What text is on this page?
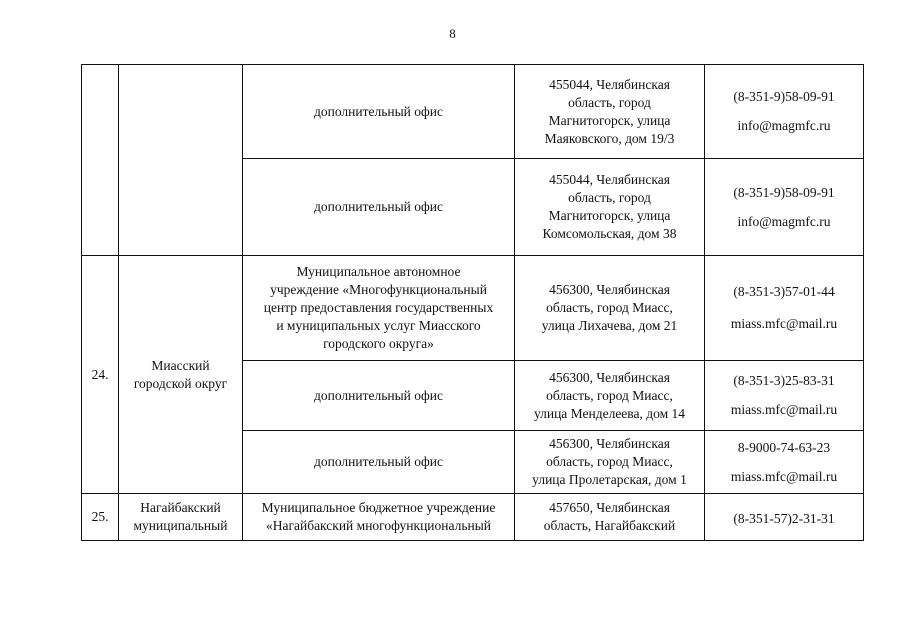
8

		дополнительный офис	455044, Челябинская
область, город
Магнитогорск, улица
Маяковского, дом 19/3	(8-351-9)58-09-91
info@magmfc.ru

		дополнительный офис	455044, Челябинская
область, город
Магнитогорск, улица
Комсомольская, дом 38	(8-351-9)58-09-91
info@magmfc.ru

24.	Миасский
городской округ	Муниципальное автономное
учреждение «Многофункциональный
центр предоставления государственных
и муниципальных услуг Миасского
городского округа»	456300, Челябинская
область, город Миасс,
улица Лихачева, дом 21	(8-351-3)57-01-44
miass.mfc@mail.ru

		дополнительный офис	456300, Челябинская
область, город Миасс,
улица Менделеева, дом 14	(8-351-3)25-83-31
miass.mfc@mail.ru

		дополнительный офис	456300, Челябинская
область, город Миасс,
улица Пролетарская, дом 1	8-9000-74-63-23
miass.mfc@mail.ru

25.	Нагайбакский
муниципальный	Муниципальное бюджетное учреждение
«Нагайбакский многофункциональный	457650, Челябинская
область, Нагайбакский	(8-351-57)2-31-31
